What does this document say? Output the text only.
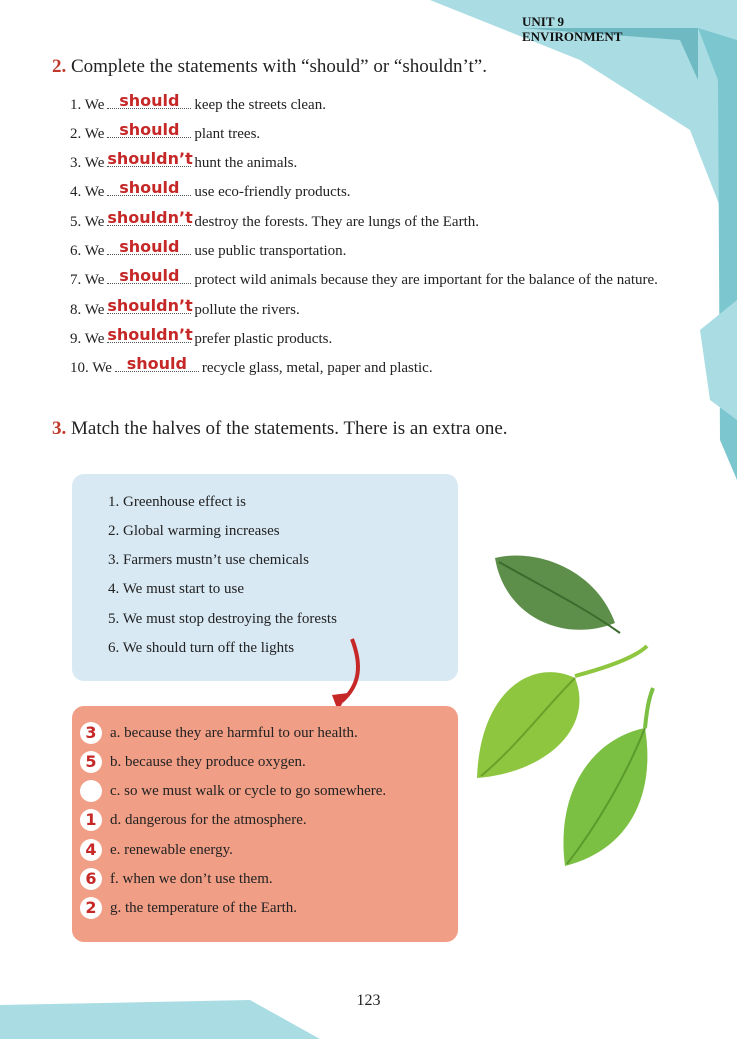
UNIT 9
ENVIRONMENT
2. Complete the statements with “should” or “shouldn’t”.
1. We should keep the streets clean.
2. We should plant trees.
3. We shouldn’t hunt the animals.
4. We should use eco-friendly products.
5. We shouldn’t destroy the forests. They are lungs of the Earth.
6. We should use public transportation.
7. We should protect wild animals because they are important for the balance of the nature.
8. We shouldn’t pollute the rivers.
9. We shouldn’t prefer plastic products.
10. We should recycle glass, metal, paper and plastic.
3. Match the halves of the statements. There is an extra one.
1. Greenhouse effect is
2. Global warming increases
3. Farmers mustn’t use chemicals
4. We must start to use
5. We must stop destroying the forests
6. We should turn off the lights
3 a. because they are harmful to our health.
5 b. because they produce oxygen.
c. so we must walk or cycle to go somewhere.
1 d. dangerous for the atmosphere.
4 e. renewable energy.
6 f. when we don’t use them.
2 g. the temperature of the Earth.
123
